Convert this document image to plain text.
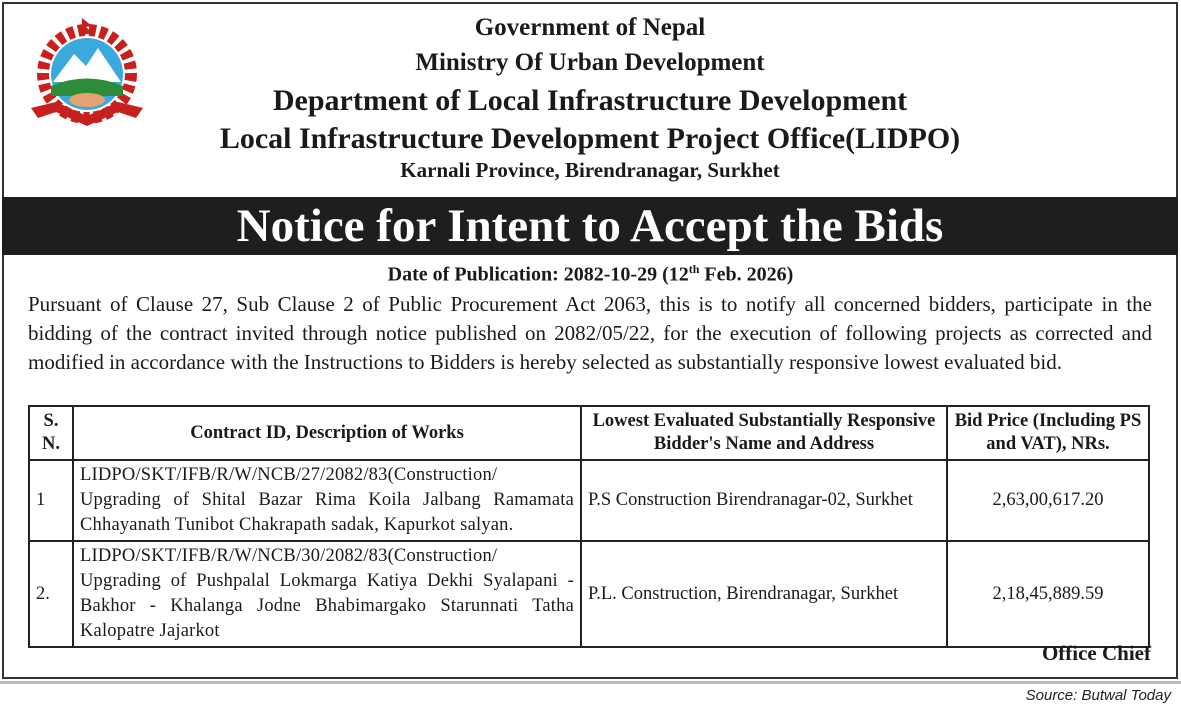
Government of Nepal
Ministry Of Urban Development
Department of Local Infrastructure Development
Local Infrastructure Development Project Office(LIDPO)
Karnali Province, Birendranagar, Surkhet
Notice for Intent to Accept the Bids
Date of Publication: 2082-10-29 (12th Feb. 2026)
Pursuant of Clause 27, Sub Clause 2 of Public Procurement Act 2063, this is to notify all concerned bidders, participate in the bidding of the contract invited through notice published on 2082/05/22, for the execution of following projects as corrected and modified in accordance with the Instructions to Bidders is hereby selected as substantially responsive lowest evaluated bid.
S. N.	Contract ID, Description of Works	Lowest Evaluated Substantially Responsive Bidder's Name and Address	Bid Price (Including PS and VAT), NRs.
1	LIDPO/SKT/IFB/R/W/NCB/27/2082/83(Construction/ Upgrading of Shital Bazar Rima Koila Jalbang Ramamata Chhayanath Tunibot Chakrapath sadak, Kapurkot salyan.	P.S Construction Birendranagar-02, Surkhet	2,63,00,617.20
2.	LIDPO/SKT/IFB/R/W/NCB/30/2082/83(Construction/ Upgrading of Pushpalal Lokmarga Katiya Dekhi Syalapani -Bakhor - Khalanga Jodne Bhabimargako Starunnati Tatha Kalopatre Jajarkot	P.L. Construction, Birendranagar, Surkhet	2,18,45,889.59
Office Chief
Source: Butwal Today
